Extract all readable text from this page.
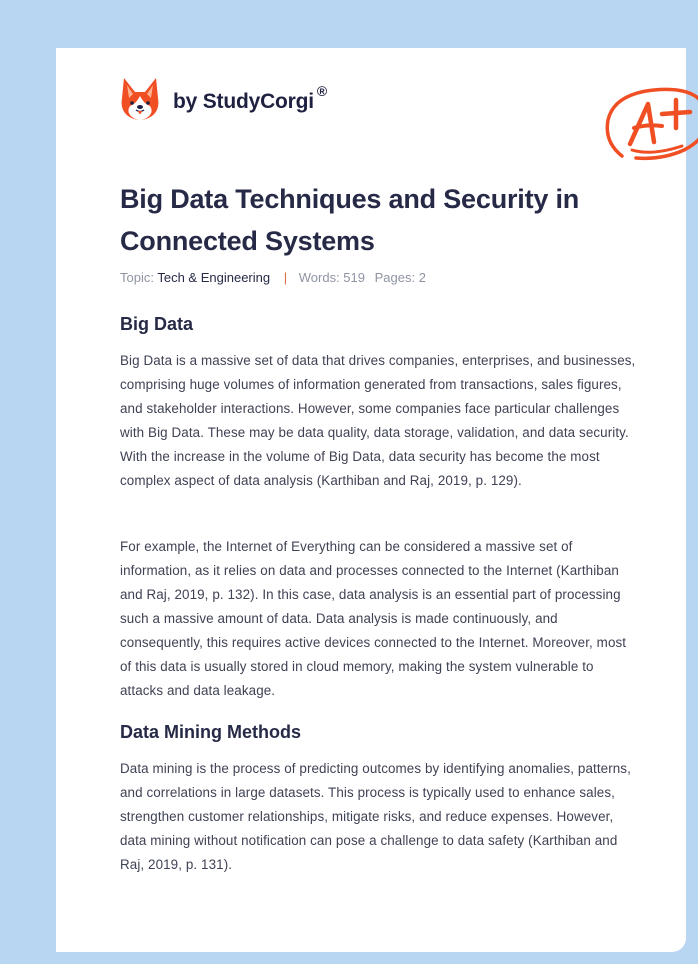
by StudyCorgi ®
Big Data Techniques and Security in Connected Systems
Topic: Tech & Engineering | Words: 519 Pages: 2
Big Data

Big Data is a massive set of data that drives companies, enterprises, and businesses, comprising huge volumes of information generated from transactions, sales figures, and stakeholder interactions. However, some companies face particular challenges with Big Data. These may be data quality, data storage, validation, and data security. With the increase in the volume of Big Data, data security has become the most complex aspect of data analysis (Karthiban and Raj, 2019, p. 129).

For example, the Internet of Everything can be considered a massive set of information, as it relies on data and processes connected to the Internet (Karthiban and Raj, 2019, p. 132). In this case, data analysis is an essential part of processing such a massive amount of data. Data analysis is made continuously, and consequently, this requires active devices connected to the Internet. Moreover, most of this data is usually stored in cloud memory, making the system vulnerable to attacks and data leakage.

Data Mining Methods

Data mining is the process of predicting outcomes by identifying anomalies, patterns, and correlations in large datasets. This process is typically used to enhance sales, strengthen customer relationships, mitigate risks, and reduce expenses. However, data mining without notification can pose a challenge to data safety (Karthiban and Raj, 2019, p. 131).
